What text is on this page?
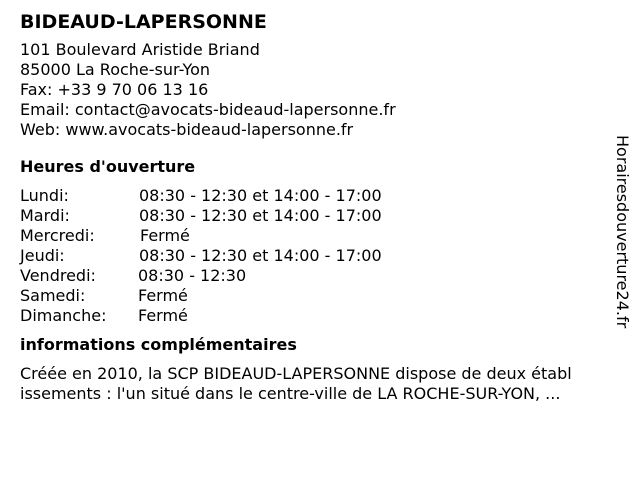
BIDEAUD-LAPERSONNE
101 Boulevard Aristide Briand
85000 La Roche-sur-Yon
Fax: +33 9 70 06 13 16
Email: contact@avocats-bideaud-lapersonne.fr
Web: www.avocats-bideaud-lapersonne.fr
Heures d'ouverture
Lundi:	08:30 - 12:30 et 14:00 - 17:00
Mardi:	08:30 - 12:30 et 14:00 - 17:00
Mercredi:	Fermé
Jeudi:	08:30 - 12:30 et 14:00 - 17:00
Vendredi:	08:30 - 12:30
Samedi:	Fermé
Dimanche: Fermé
informations complémentaires
Créée en 2010, la SCP BIDEAUD-LAPERSONNE dispose de deux établ
issements : l'un situé dans le centre-ville de LA ROCHE-SUR-YON, ...
Horairesdouverture24.fr
